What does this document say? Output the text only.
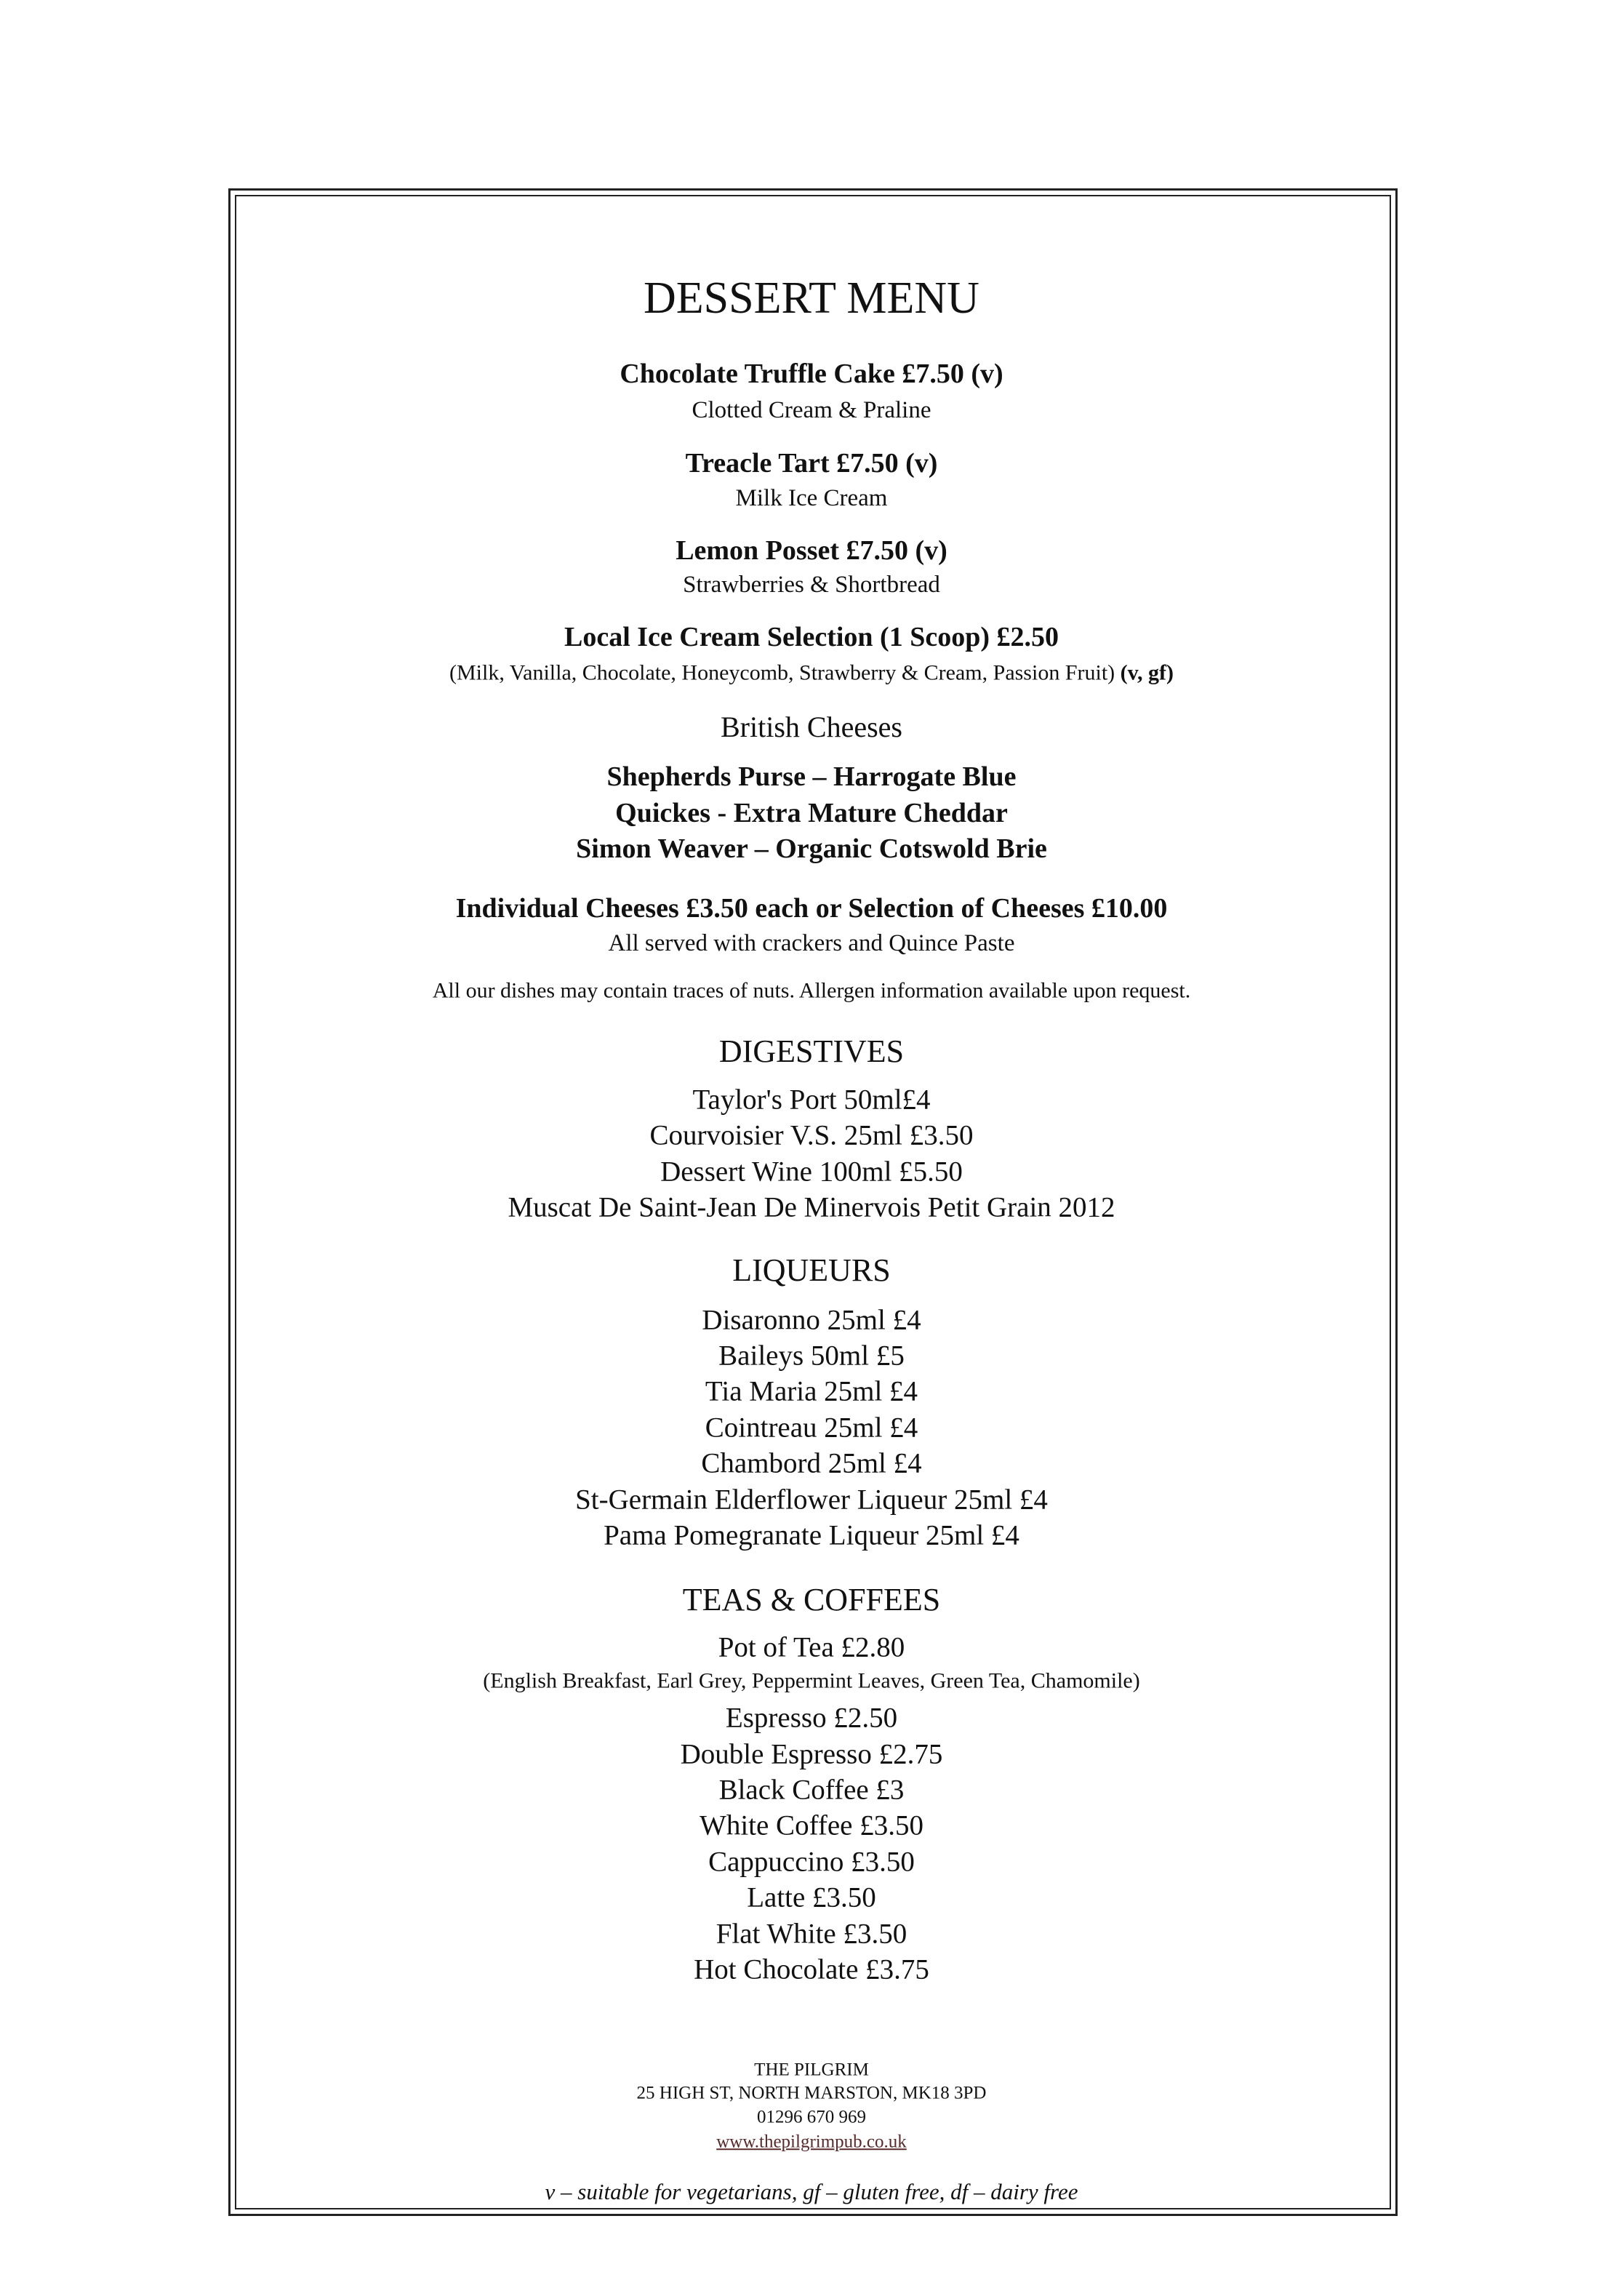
DESSERT MENU
Chocolate Truffle Cake £7.50 (v)
Clotted Cream & Praline
Treacle Tart £7.50 (v)
Milk Ice Cream
Lemon Posset £7.50 (v)
Strawberries & Shortbread
Local Ice Cream Selection (1 Scoop) £2.50
(Milk, Vanilla, Chocolate, Honeycomb, Strawberry & Cream, Passion Fruit) (v, gf)
British Cheeses
Shepherds Purse – Harrogate Blue
Quickes - Extra Mature Cheddar
Simon Weaver – Organic Cotswold Brie
Individual Cheeses £3.50 each or Selection of Cheeses £10.00
All served with crackers and Quince Paste
All our dishes may contain traces of nuts. Allergen information available upon request.
DIGESTIVES
Taylor's Port 50ml£4
Courvoisier V.S. 25ml £3.50
Dessert Wine 100ml £5.50
Muscat De Saint-Jean De Minervois Petit Grain 2012
LIQUEURS
Disaronno 25ml £4
Baileys 50ml £5
Tia Maria 25ml £4
Cointreau 25ml £4
Chambord 25ml £4
St-Germain Elderflower Liqueur 25ml £4
Pama Pomegranate Liqueur 25ml £4
TEAS & COFFEES
Pot of Tea £2.80
(English Breakfast, Earl Grey, Peppermint Leaves, Green Tea, Chamomile)
Espresso £2.50
Double Espresso £2.75
Black Coffee £3
White Coffee £3.50
Cappuccino £3.50
Latte £3.50
Flat White £3.50
Hot Chocolate £3.75
THE PILGRIM
25 HIGH ST, NORTH MARSTON, MK18 3PD
01296 670 969
www.thepilgrimpub.co.uk
v – suitable for vegetarians, gf – gluten free, df – dairy free
